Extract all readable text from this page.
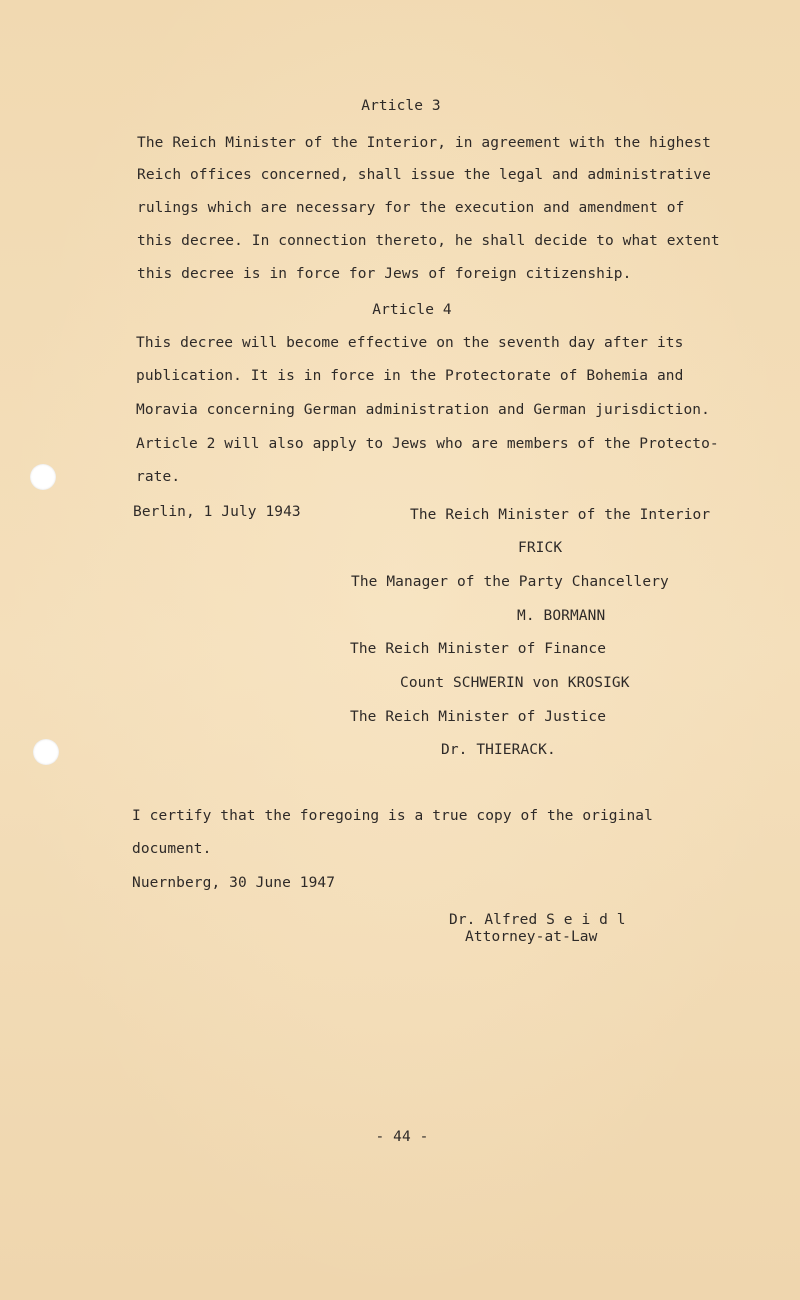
Article 3
The Reich Minister of the Interior, in agreement with the highest
Reich offices concerned, shall issue the legal and administrative
rulings which are necessary for the execution and amendment of
this decree. In connection thereto, he shall decide to what extent
this decree is in force for Jews of foreign citizenship.
Article 4
This decree will become effective on the seventh day after its
publication. It is in force in the Protectorate of Bohemia and
Moravia concerning German administration and German jurisdiction.
Article 2 will also apply to Jews who are members of the Protecto-
rate.
Berlin, 1 July 1943	The Reich Minister of the Interior
FRICK
The Manager of the Party Chancellery
M. BORMANN
The Reich Minister of Finance
Count SCHWERIN von KROSIGK
The Reich Minister of Justice
Dr. THIERACK.
I certify that the foregoing is a true copy of the original
document.
Nuernberg, 30 June 1947
Dr. Alfred S e i d l
Attorney-at-Law
- 44 -
